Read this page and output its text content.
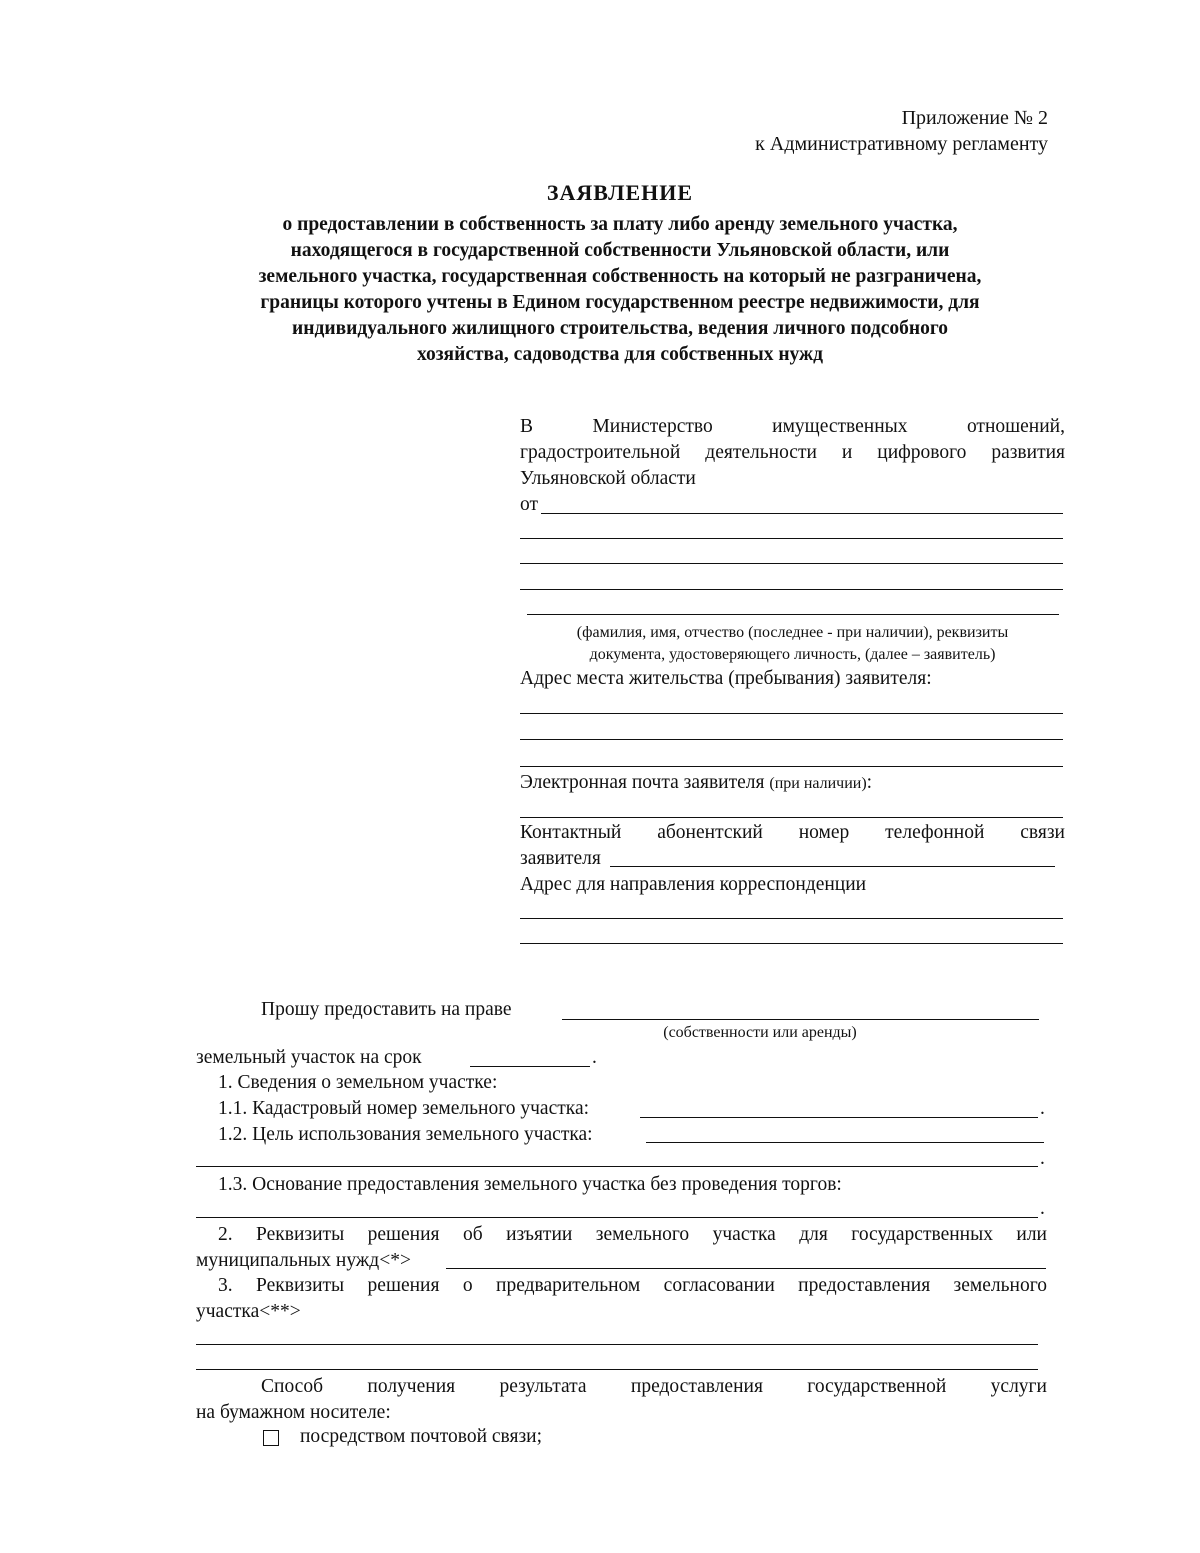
Приложение № 2
к Административному регламенту
ЗАЯВЛЕНИЕ
о предоставлении в собственность за плату либо аренду земельного участка,
находящегося в государственной собственности Ульяновской области, или
земельного участка, государственная собственность на который не разграничена,
границы которого учтены в Едином государственном реестре недвижимости, для
индивидуального жилищного строительства, ведения личного подсобного
хозяйства, садоводства для собственных нужд
В Министерство имущественных отношений,
градостроительной деятельности и цифрового развития
Ульяновской области
от
(фамилия, имя, отчество (последнее - при наличии), реквизиты
документа, удостоверяющего личность, (далее – заявитель)
Адрес места жительства (пребывания) заявителя:
Электронная почта заявителя (при наличии):
Контактный абонентский номер телефонной связи
заявителя
Адрес для направления корреспонденции
Прошу предоставить на праве
(собственности или аренды)
земельный участок на срок	.
1. Сведения о земельном участке:
1.1. Кадастровый номер земельного участка:	.
1.2. Цель использования земельного участка:
.
1.3. Основание предоставления земельного участка без проведения торгов:
.
2. Реквизиты решения об изъятии земельного участка для государственных или
муниципальных нужд<*>
3. Реквизиты решения о предварительном согласовании предоставления земельного
участка<**>
Способ получения результата предоставления государственной услуги
на бумажном носителе:
посредством почтовой связи;
